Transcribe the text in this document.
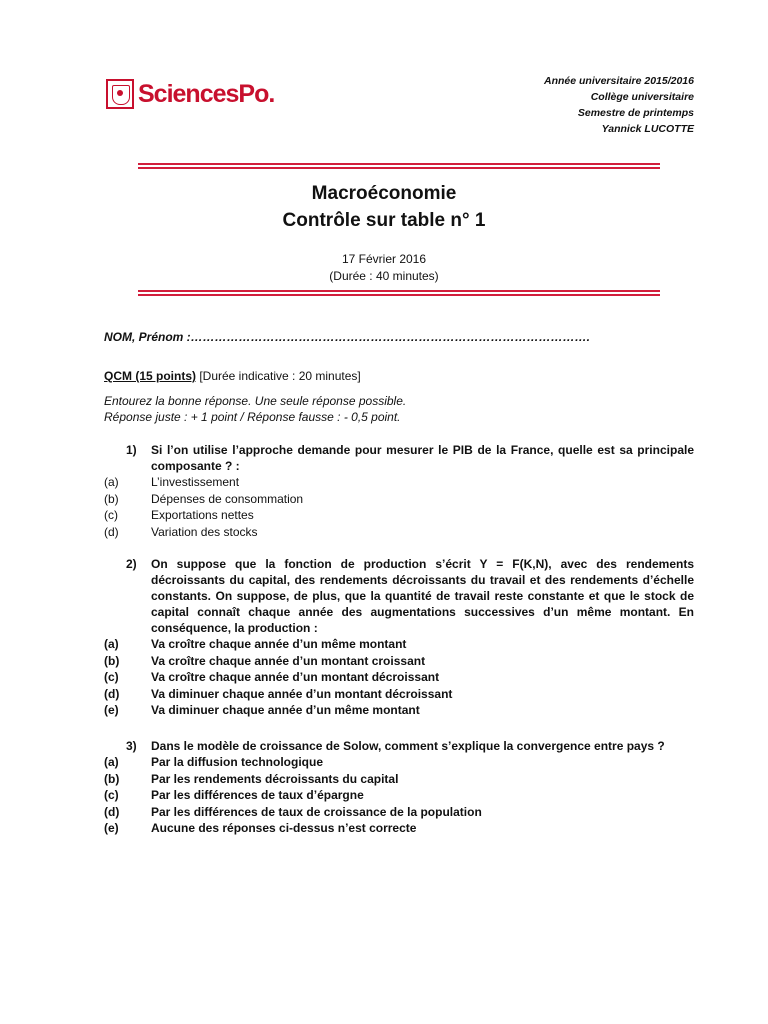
SciencesPo.	Année universitaire 2015/2016
Collège universitaire
Semestre de printemps
Yannick LUCOTTE
Macroéconomie
Contrôle sur table n° 1
17 Février 2016
(Durée : 40 minutes)
NOM, Prénom :……………………………………………………………………………………….
QCM (15 points) [Durée indicative : 20 minutes]
Entourez la bonne réponse. Une seule réponse possible.
Réponse juste : + 1 point / Réponse fausse : - 0,5 point.
1)	Si l’on utilise l’approche demande pour mesurer le PIB de la France, quelle est sa principale composante ? :
(a)	L’investissement
(b)	Dépenses de consommation
(c)	Exportations nettes
(d)	Variation des stocks
2)	On suppose que la fonction de production s’écrit Y = F(K,N), avec des rendements décroissants du capital, des rendements décroissants du travail et des rendements d’échelle constants. On suppose, de plus, que la quantité de travail reste constante et que le stock de capital connaît chaque année des augmentations successives d’un même montant. En conséquence, la production :
(a)	Va croître chaque année d’un même montant
(b)	Va croître chaque année d’un montant croissant
(c)	Va croître chaque année d’un montant décroissant
(d)	Va diminuer chaque année d’un montant décroissant
(e)	Va diminuer chaque année d’un même montant
3)	Dans le modèle de croissance de Solow, comment s’explique la convergence entre pays ?
(a)	Par la diffusion technologique
(b)	Par les rendements décroissants du capital
(c)	Par les différences de taux d’épargne
(d)	Par les différences de taux de croissance de la population
(e)	Aucune des réponses ci-dessus n’est correcte
